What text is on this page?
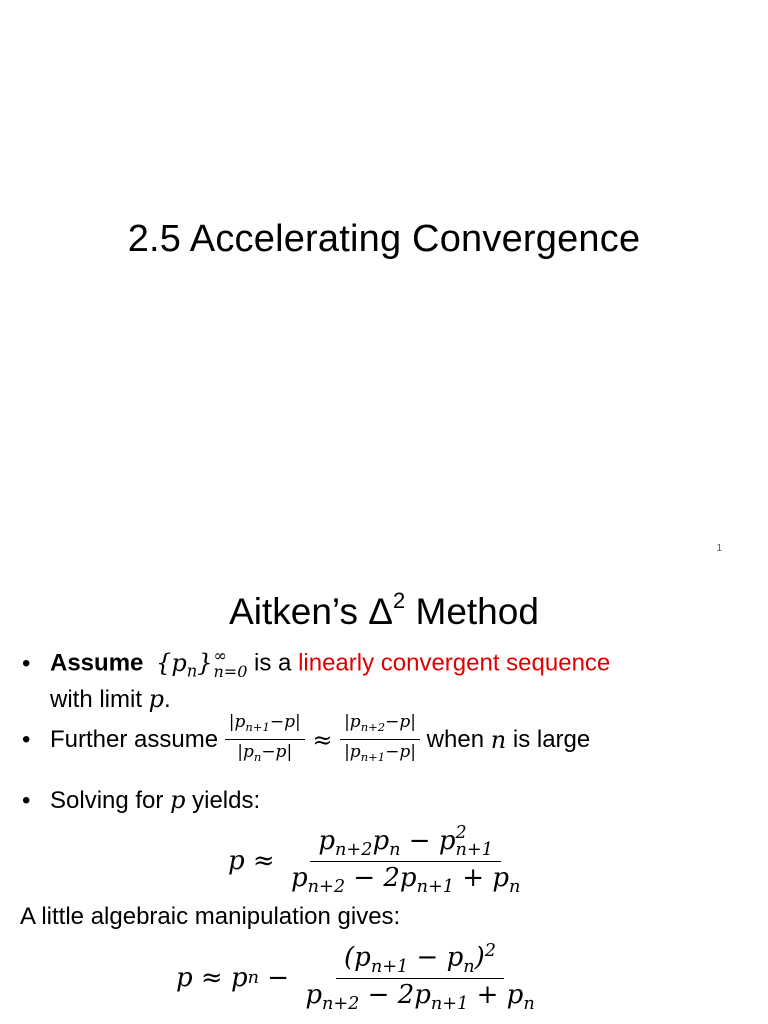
2.5 Accelerating Convergence
1
Aitken’s $\Delta^2$ Method
• Assume $\{p_n\}$ ∞
n=0 is a linearly convergent sequence
with limit p.
• Further assume $\frac{|p_{n+1}-p|}{|p_n-p|} \approx \frac{|p_{n+2}-p|}{|p_{n+1}-p|}$ when n is large
• Solving for p yields:
$p \approx p_{n+2}p_n - p$ 2
n+1
$p_{n+2} - 2p_{n+1} + p_n$
A little algebraic manipulation gives:
p ≈ p $n - \frac{(p_{n+1} - p_n)^2}{p_{n+2} - 2p_{n+1} + p_n}$
